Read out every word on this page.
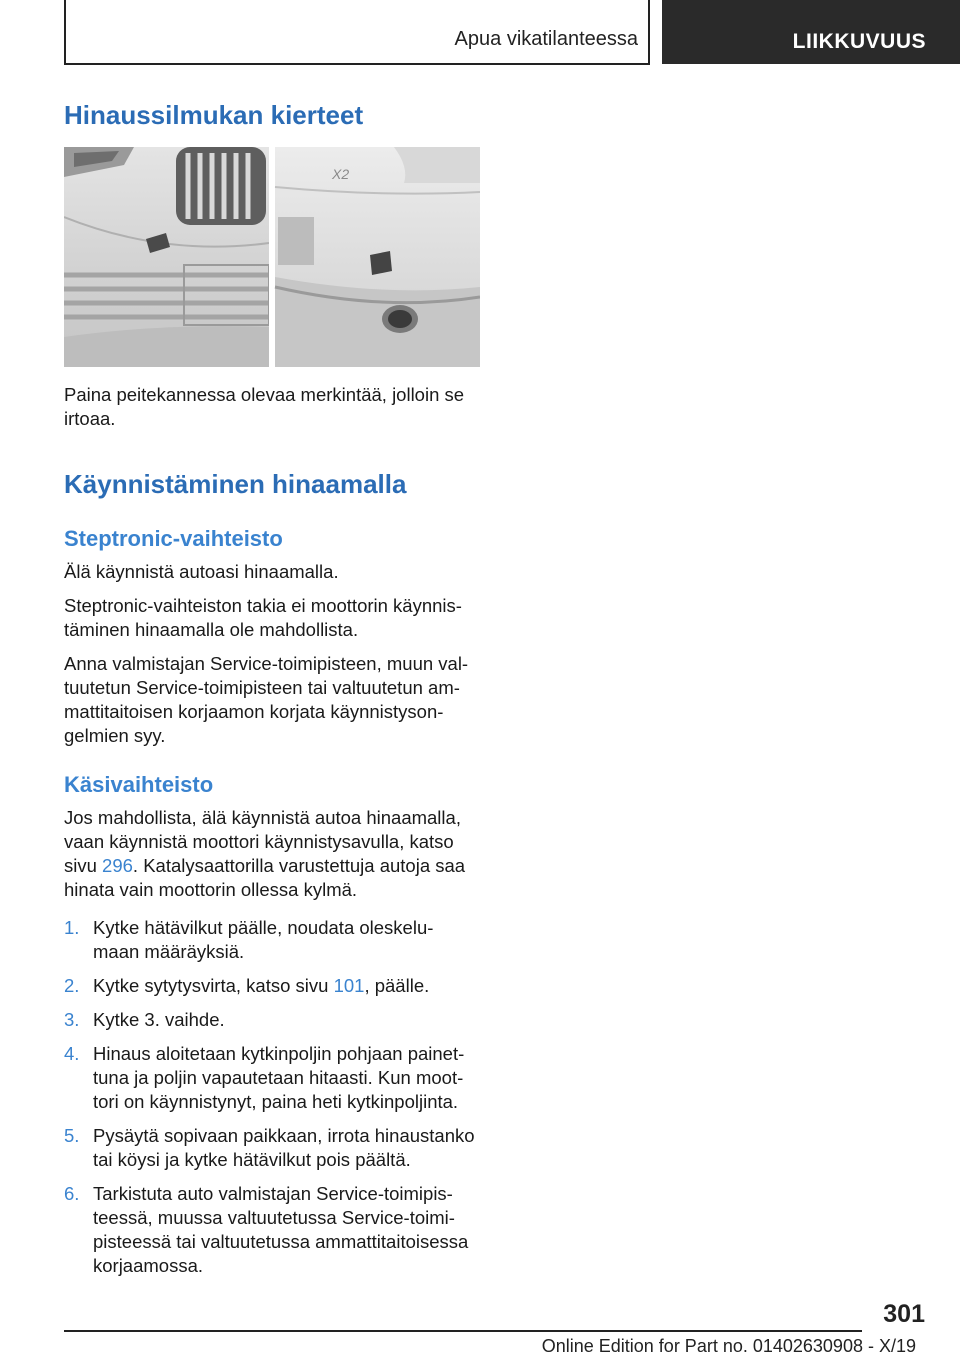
Apua vikatilanteessa	LIIKKUVUUS
Hinaussilmukan kierteet
X2

Paina peitekannessa olevaa merkintää, jolloin se irtoaa.

Käynnistäminen hinaamalla
Steptronic-vaihteisto

Älä käynnistä autoasi hinaamalla.

Steptronic-vaihteiston takia ei moottorin käynnis‐
täminen hinaamalla ole mahdollista.

Anna valmistajan Service-toimipisteen, muun val‐
tuutetun Service-toimipisteen tai valtuutetun am‐
mattitaitoisen korjaamon korjata käynnistyson‐
gelmien syy.

Käsivaihteisto

Jos mahdollista, älä käynnistä autoa hinaamalla,
vaan käynnistä moottori käynnistysavulla, katso
sivu 296. Katalysaattorilla varustettuja autoja saa
hinata vain moottorin ollessa kylmä.

1. Kytke hätävilkut päälle, noudata oleskelu‐
maan määräyksiä.
2. Kytke sytytysvirta, katso sivu 101, päälle.
3. Kytke 3. vaihde.
4. Hinaus aloitetaan kytkinpoljin pohjaan painet‐
tuna ja poljin vapautetaan hitaasti. Kun moot‐
tori on käynnistynyt, paina heti kytkinpoljinta.
5. Pysäytä sopivaan paikkaan, irrota hinaustanko
tai köysi ja kytke hätävilkut pois päältä.
6. Tarkistuta auto valmistajan Service-toimipis‐
teessä, muussa valtuutetussa Service-toimi‐
pisteessä tai valtuutetussa ammattitaitoisessa
korjaamossa.
301
Online Edition for Part no. 01402630908 - X/19
